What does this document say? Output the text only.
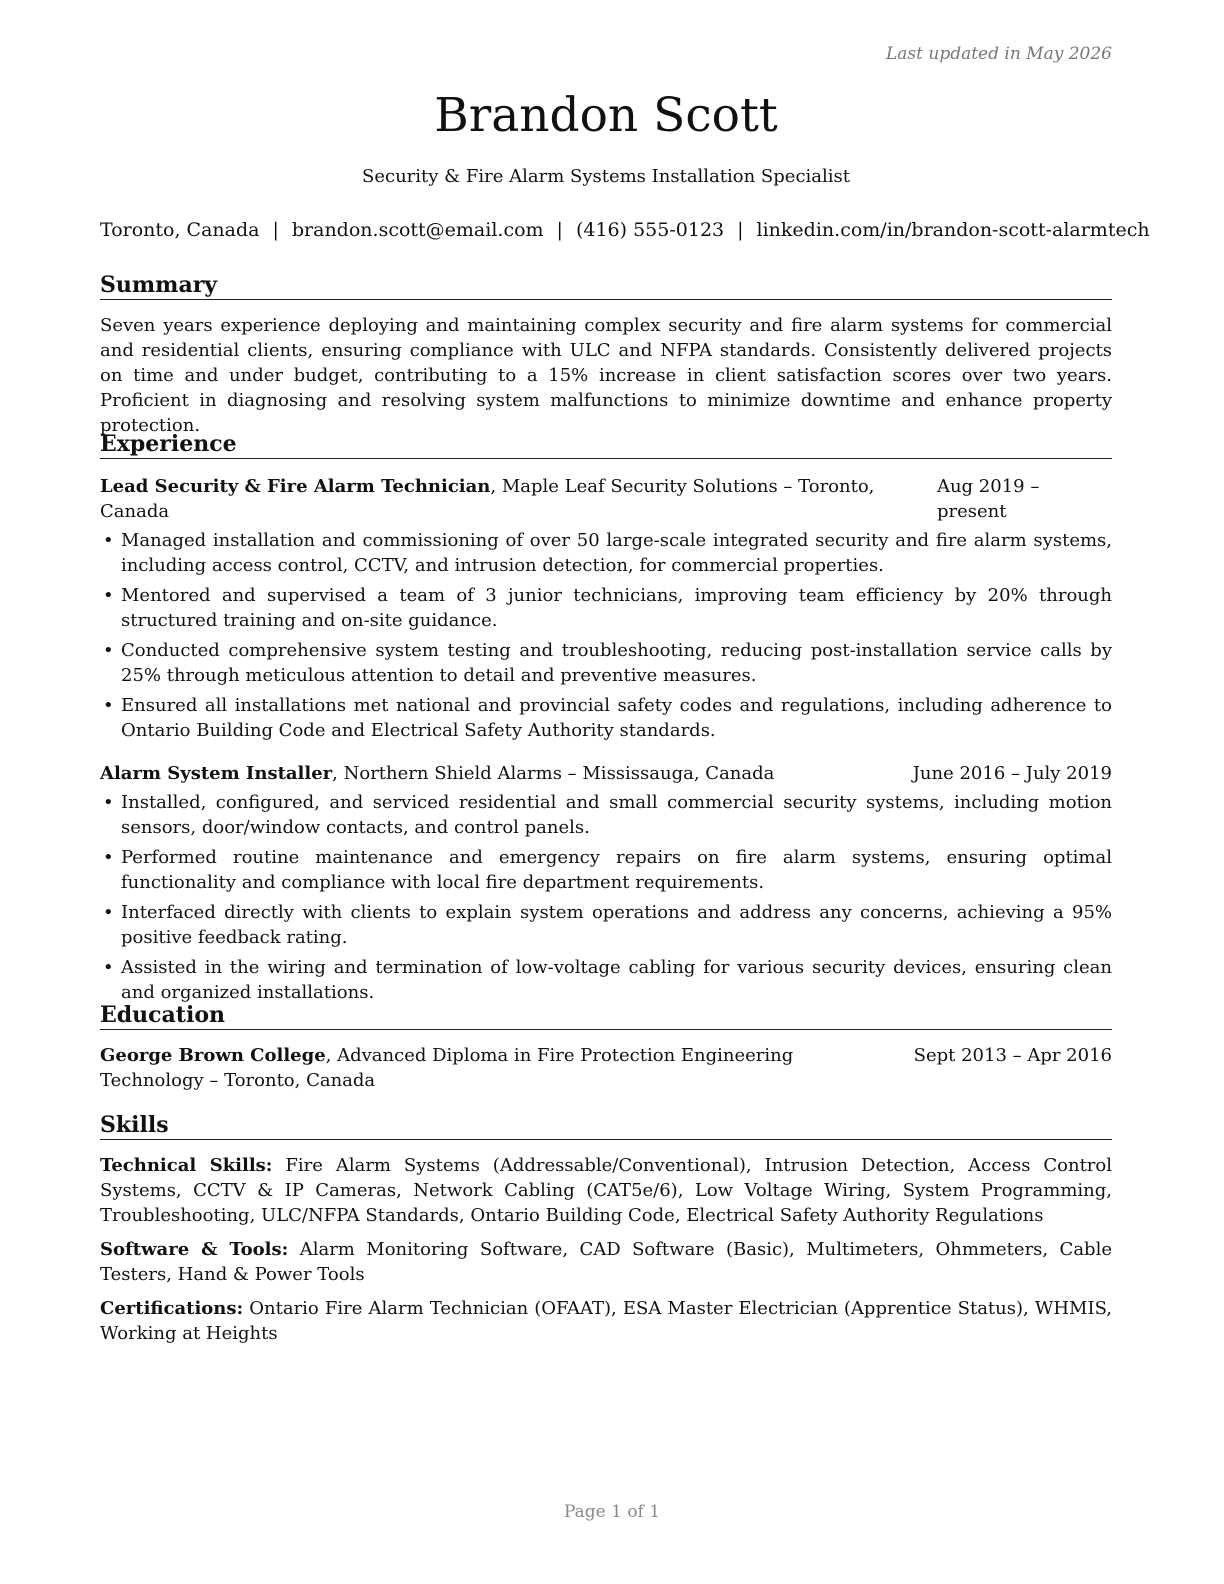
Last updated in May 2026
Brandon Scott
Security & Fire Alarm Systems Installation Specialist
Toronto, Canada | brandon.scott@email.com | (416) 555-0123 | linkedin.com/in/brandon-scott-alarmtech
Summary
Seven years experience deploying and maintaining complex security and fire alarm systems for commercial and residential clients, ensuring compliance with ULC and NFPA standards. Consistently delivered projects on time and under budget, contributing to a 15% increase in client satisfaction scores over two years. Proficient in diagnosing and resolving system malfunctions to minimize downtime and enhance property protection.
Experience
Lead Security & Fire Alarm Technician, Maple Leaf Security Solutions – Toronto, Canada
Aug 2019 – present
• Managed installation and commissioning of over 50 large-scale integrated security and fire alarm systems, including access control, CCTV, and intrusion detection, for commercial properties.
• Mentored and supervised a team of 3 junior technicians, improving team efficiency by 20% through structured training and on-site guidance.
• Conducted comprehensive system testing and troubleshooting, reducing post-installation service calls by 25% through meticulous attention to detail and preventive measures.
• Ensured all installations met national and provincial safety codes and regulations, including adherence to Ontario Building Code and Electrical Safety Authority standards.
Alarm System Installer, Northern Shield Alarms – Mississauga, Canada	June 2016 – July 2019
• Installed, configured, and serviced residential and small commercial security systems, including motion sensors, door/window contacts, and control panels.
• Performed routine maintenance and emergency repairs on fire alarm systems, ensuring optimal functionality and compliance with local fire department requirements.
• Interfaced directly with clients to explain system operations and address any concerns, achieving a 95% positive feedback rating.
• Assisted in the wiring and termination of low-voltage cabling for various security devices, ensuring clean and organized installations.
Education
George Brown College, Advanced Diploma in Fire Protection Engineering Technology – Toronto, Canada
Sept 2013 – Apr 2016
Skills
Technical Skills: Fire Alarm Systems (Addressable/Conventional), Intrusion Detection, Access Control Systems, CCTV & IP Cameras, Network Cabling (CAT5e/6), Low Voltage Wiring, System Programming, Troubleshooting, ULC/NFPA Standards, Ontario Building Code, Electrical Safety Authority Regulations
Software & Tools: Alarm Monitoring Software, CAD Software (Basic), Multimeters, Ohmmeters, Cable Testers, Hand & Power Tools
Certifications: Ontario Fire Alarm Technician (OFAAT), ESA Master Electrician (Apprentice Status), WHMIS, Working at Heights
Page 1 of 1
